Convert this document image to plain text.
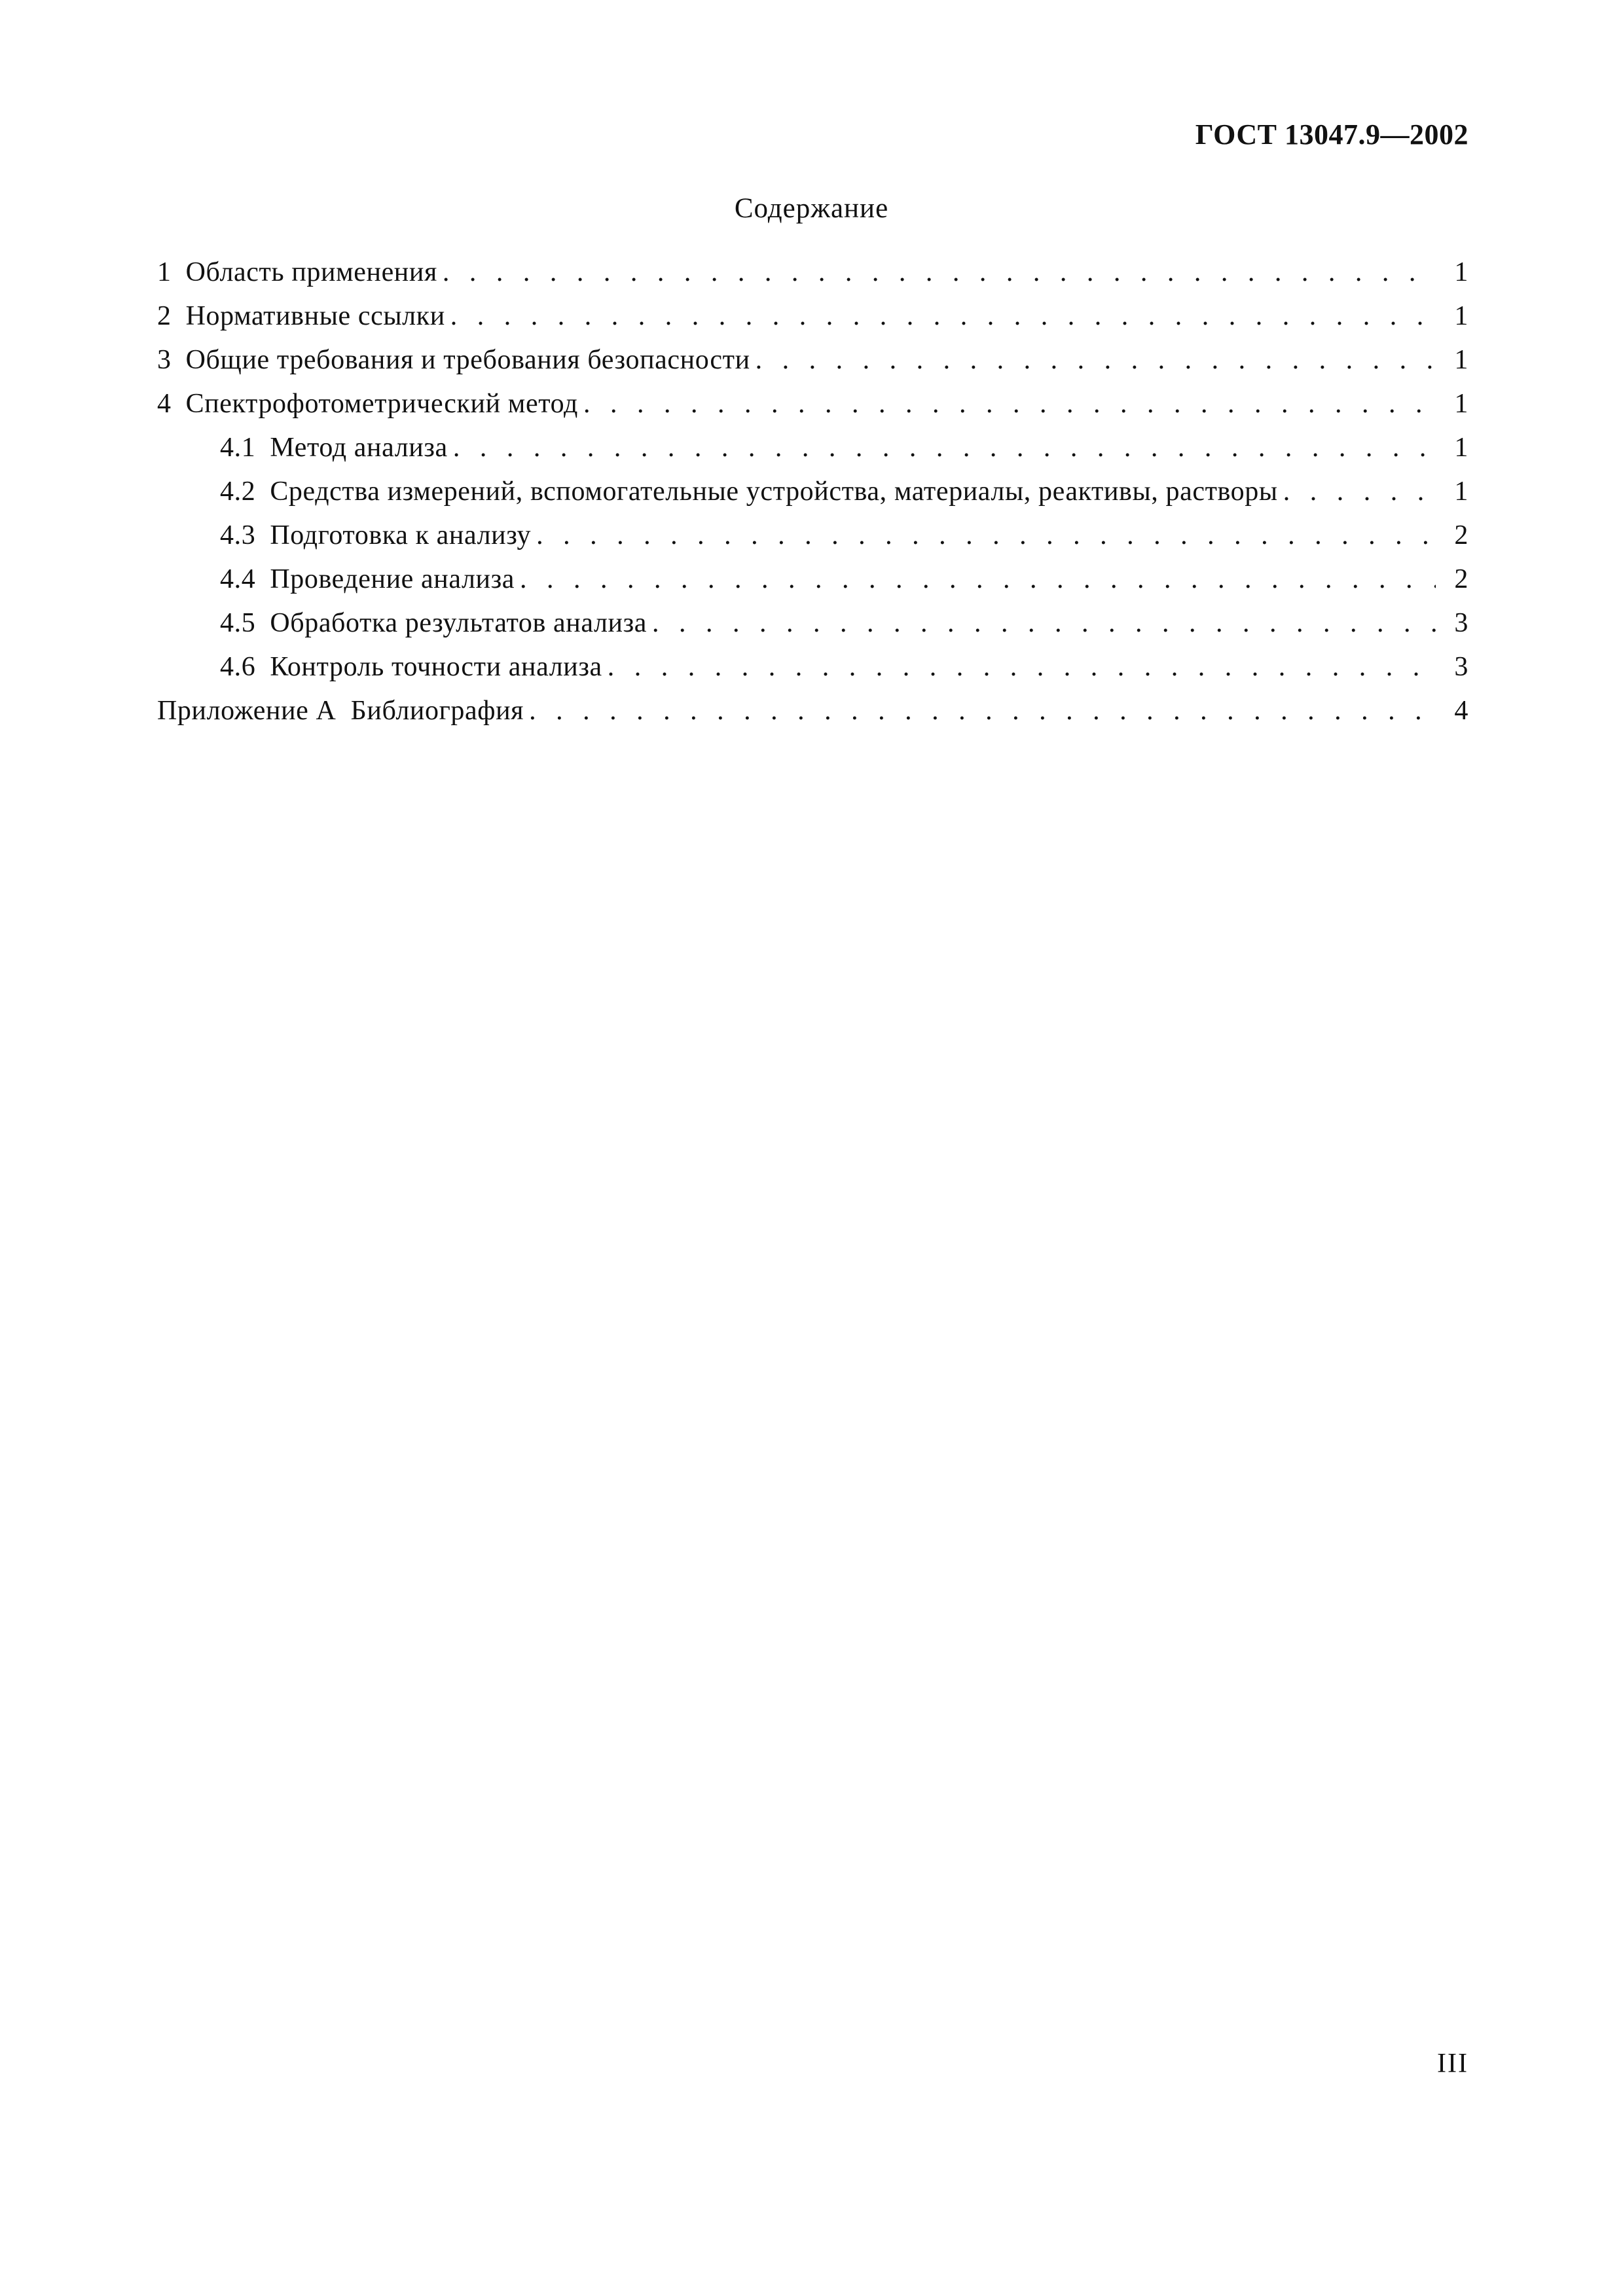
ГОСТ 13047.9—2002
Содержание
1 Область применения . . .	1
2 Нормативные ссылки . . .	1
3 Общие требования и требования безопасности . . .	1
4 Спектрофотометрический метод . . .	1
4.1 Метод анализа . . .	1
4.2 Средства измерений, вспомогательные устройства, материалы, реактивы, растворы . . .	1
4.3 Подготовка к анализу . . .	2
4.4 Проведение анализа . . .	2
4.5 Обработка результатов анализа . . .	3
4.6 Контроль точности анализа . . .	3
Приложение А  Библиография . . .	4
III
